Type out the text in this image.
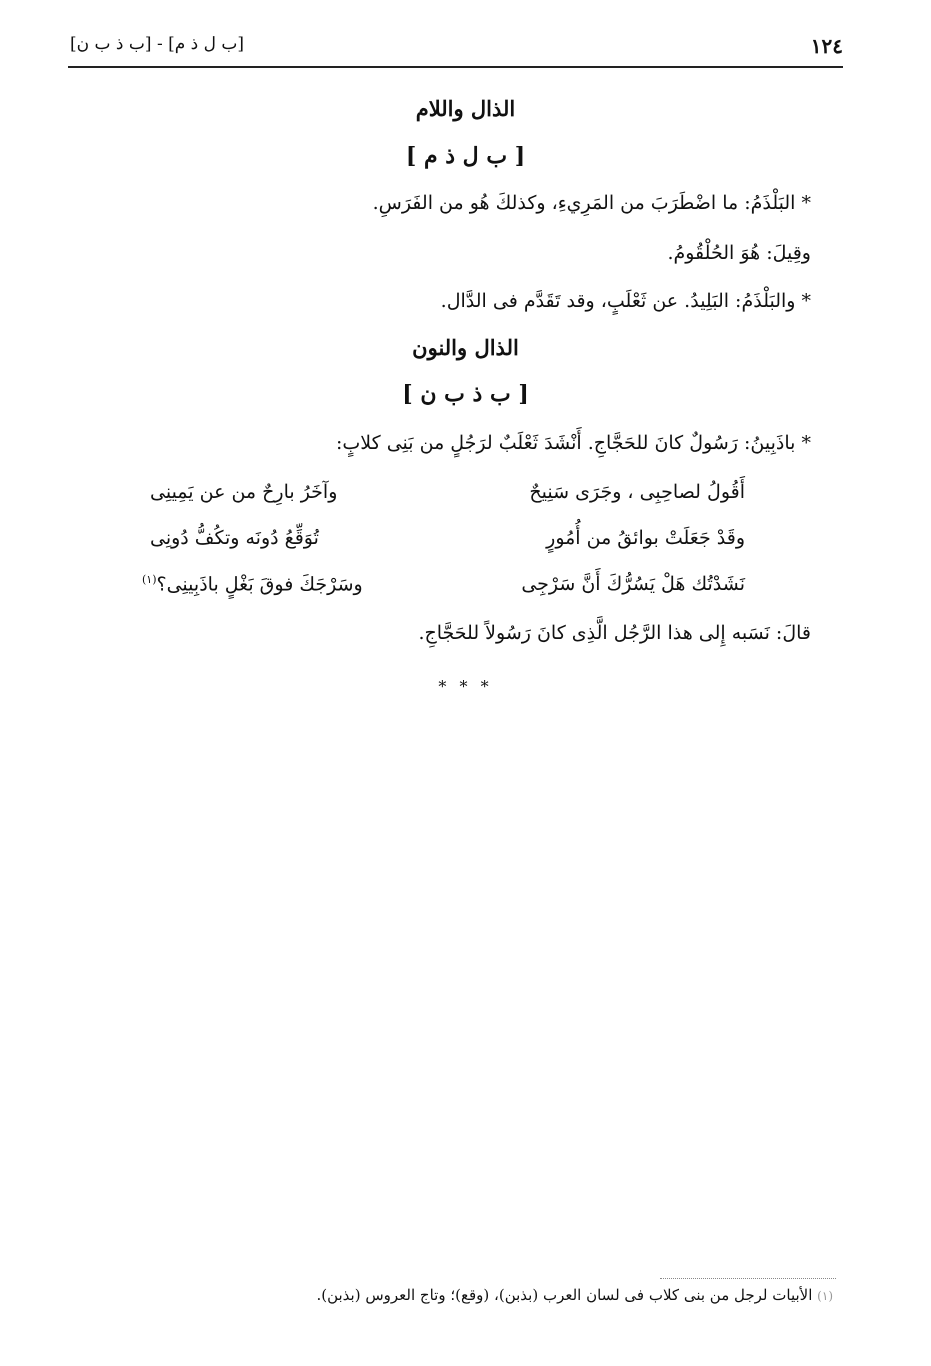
١٢٤
[ب ل ذ م] - [ب ذ ب ن]
الذال واللام
[ ب ل ذ م ]
* البَلْذَمُ: ما اضْطَرَبَ من المَرِيءِ، وكذلكَ هُو من الفَرَسِ.
وقِيلَ: هُوَ الحُلْقُومُ.
* والبَلْذَمُ: البَلِيدُ. عن ثَعْلَبٍ، وقد تَقَدَّم فى الدَّال.
الذال والنون
[ ب ذ ب ن ]
* باذَبِينُ: رَسُولٌ كانَ للحَجَّاجِ. أَنْشَدَ ثَعْلَبٌ لرَجُلٍ من بَنِى كلابٍ:
أَقُولُ لصاحِبِى ، وجَرَى سَنِيحٌ
وآخَرُ بارِحٌ من عن يَمِينِى
وقَدْ جَعَلَتْ بوائقُ من أُمُورٍ
تُوَقِّعُ دُونَه وتكُفُّ دُونِى
نَشَدْتُك هَلْ يَسُرُّكَ أَنَّ سَرْجِى
وسَرْجَكَ فوقَ بَغْلٍ باذَبِينِى؟$^{(١)}$
قالَ: نَسَبه إِلى هذا الرَّجُل الَّذِى كانَ رَسُولاً للحَجَّاجِ.
* * *
(١) الأبيات لرجل من بنى كلاب فى لسان العرب (بذبن)، (وقع)؛ وتاج العروس (بذبن).
